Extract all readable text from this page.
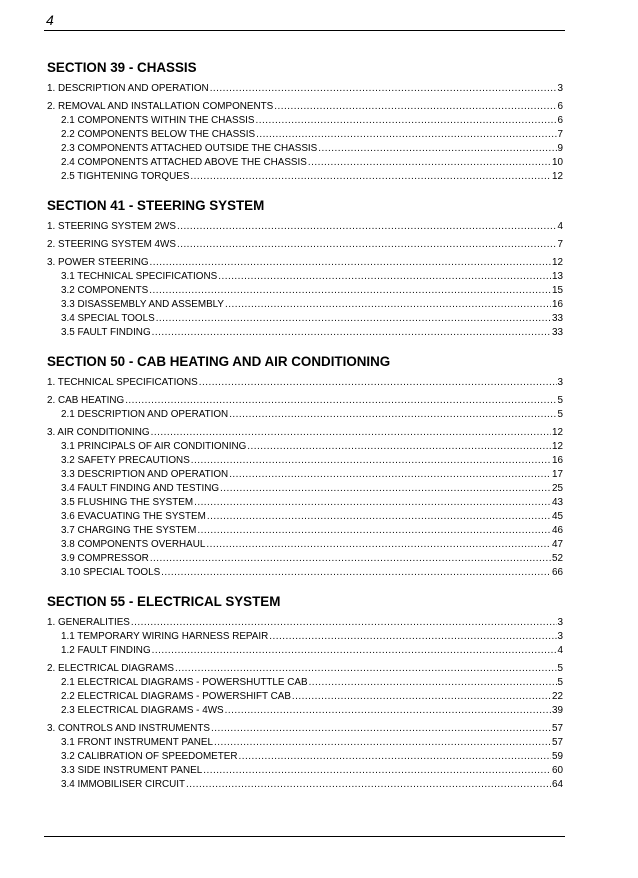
4
SECTION 39 - CHASSIS
1. DESCRIPTION AND OPERATION .....	3
2. REMOVAL AND INSTALLATION COMPONENTS .....	6
2.1 COMPONENTS WITHIN THE CHASSIS .....	6
2.2 COMPONENTS BELOW THE CHASSIS .....	7
2.3 COMPONENTS ATTACHED OUTSIDE THE CHASSIS .....	9
2.4 COMPONENTS ATTACHED ABOVE THE CHASSIS .....	10
2.5 TIGHTENING TORQUES .....	12
SECTION 41 - STEERING SYSTEM
1. STEERING SYSTEM 2WS .....	4
2. STEERING SYSTEM 4WS .....	7
3. POWER STEERING .....	12
3.1 TECHNICAL SPECIFICATIONS .....	13
3.2 COMPONENTS .....	15
3.3 DISASSEMBLY AND ASSEMBLY .....	16
3.4 SPECIAL TOOLS .....	33
3.5 FAULT FINDING .....	33
SECTION 50 - CAB HEATING AND AIR CONDITIONING
1. TECHNICAL SPECIFICATIONS .....	3
2. CAB HEATING .....	5
2.1 DESCRIPTION AND OPERATION .....	5
3. AIR CONDITIONING .....	12
3.1 PRINCIPALS OF AIR CONDITIONING .....	12
3.2 SAFETY PRECAUTIONS .....	16
3.3 DESCRIPTION AND OPERATION .....	17
3.4 FAULT FINDING AND TESTING .....	25
3.5 FLUSHING THE SYSTEM .....	43
3.6 EVACUATING THE SYSTEM .....	45
3.7 CHARGING THE SYSTEM .....	46
3.8 COMPONENTS OVERHAUL .....	47
3.9 COMPRESSOR .....	52
3.10 SPECIAL TOOLS .....	66
SECTION 55 - ELECTRICAL SYSTEM
1. GENERALITIES .....	3
1.1 TEMPORARY WIRING HARNESS REPAIR .....	3
1.2 FAULT FINDING .....	4
2. ELECTRICAL DIAGRAMS .....	5
2.1 ELECTRICAL DIAGRAMS - POWERSHUTTLE CAB .....	5
2.2 ELECTRICAL DIAGRAMS - POWERSHIFT CAB .....	22
2.3 ELECTRICAL DIAGRAMS - 4WS .....	39
3. CONTROLS AND INSTRUMENTS .....	57
3.1 FRONT INSTRUMENT PANEL .....	57
3.2 CALIBRATION OF SPEEDOMETER .....	59
3.3 SIDE INSTRUMENT PANEL .....	60
3.4 IMMOBILISER CIRCUIT .....	64
